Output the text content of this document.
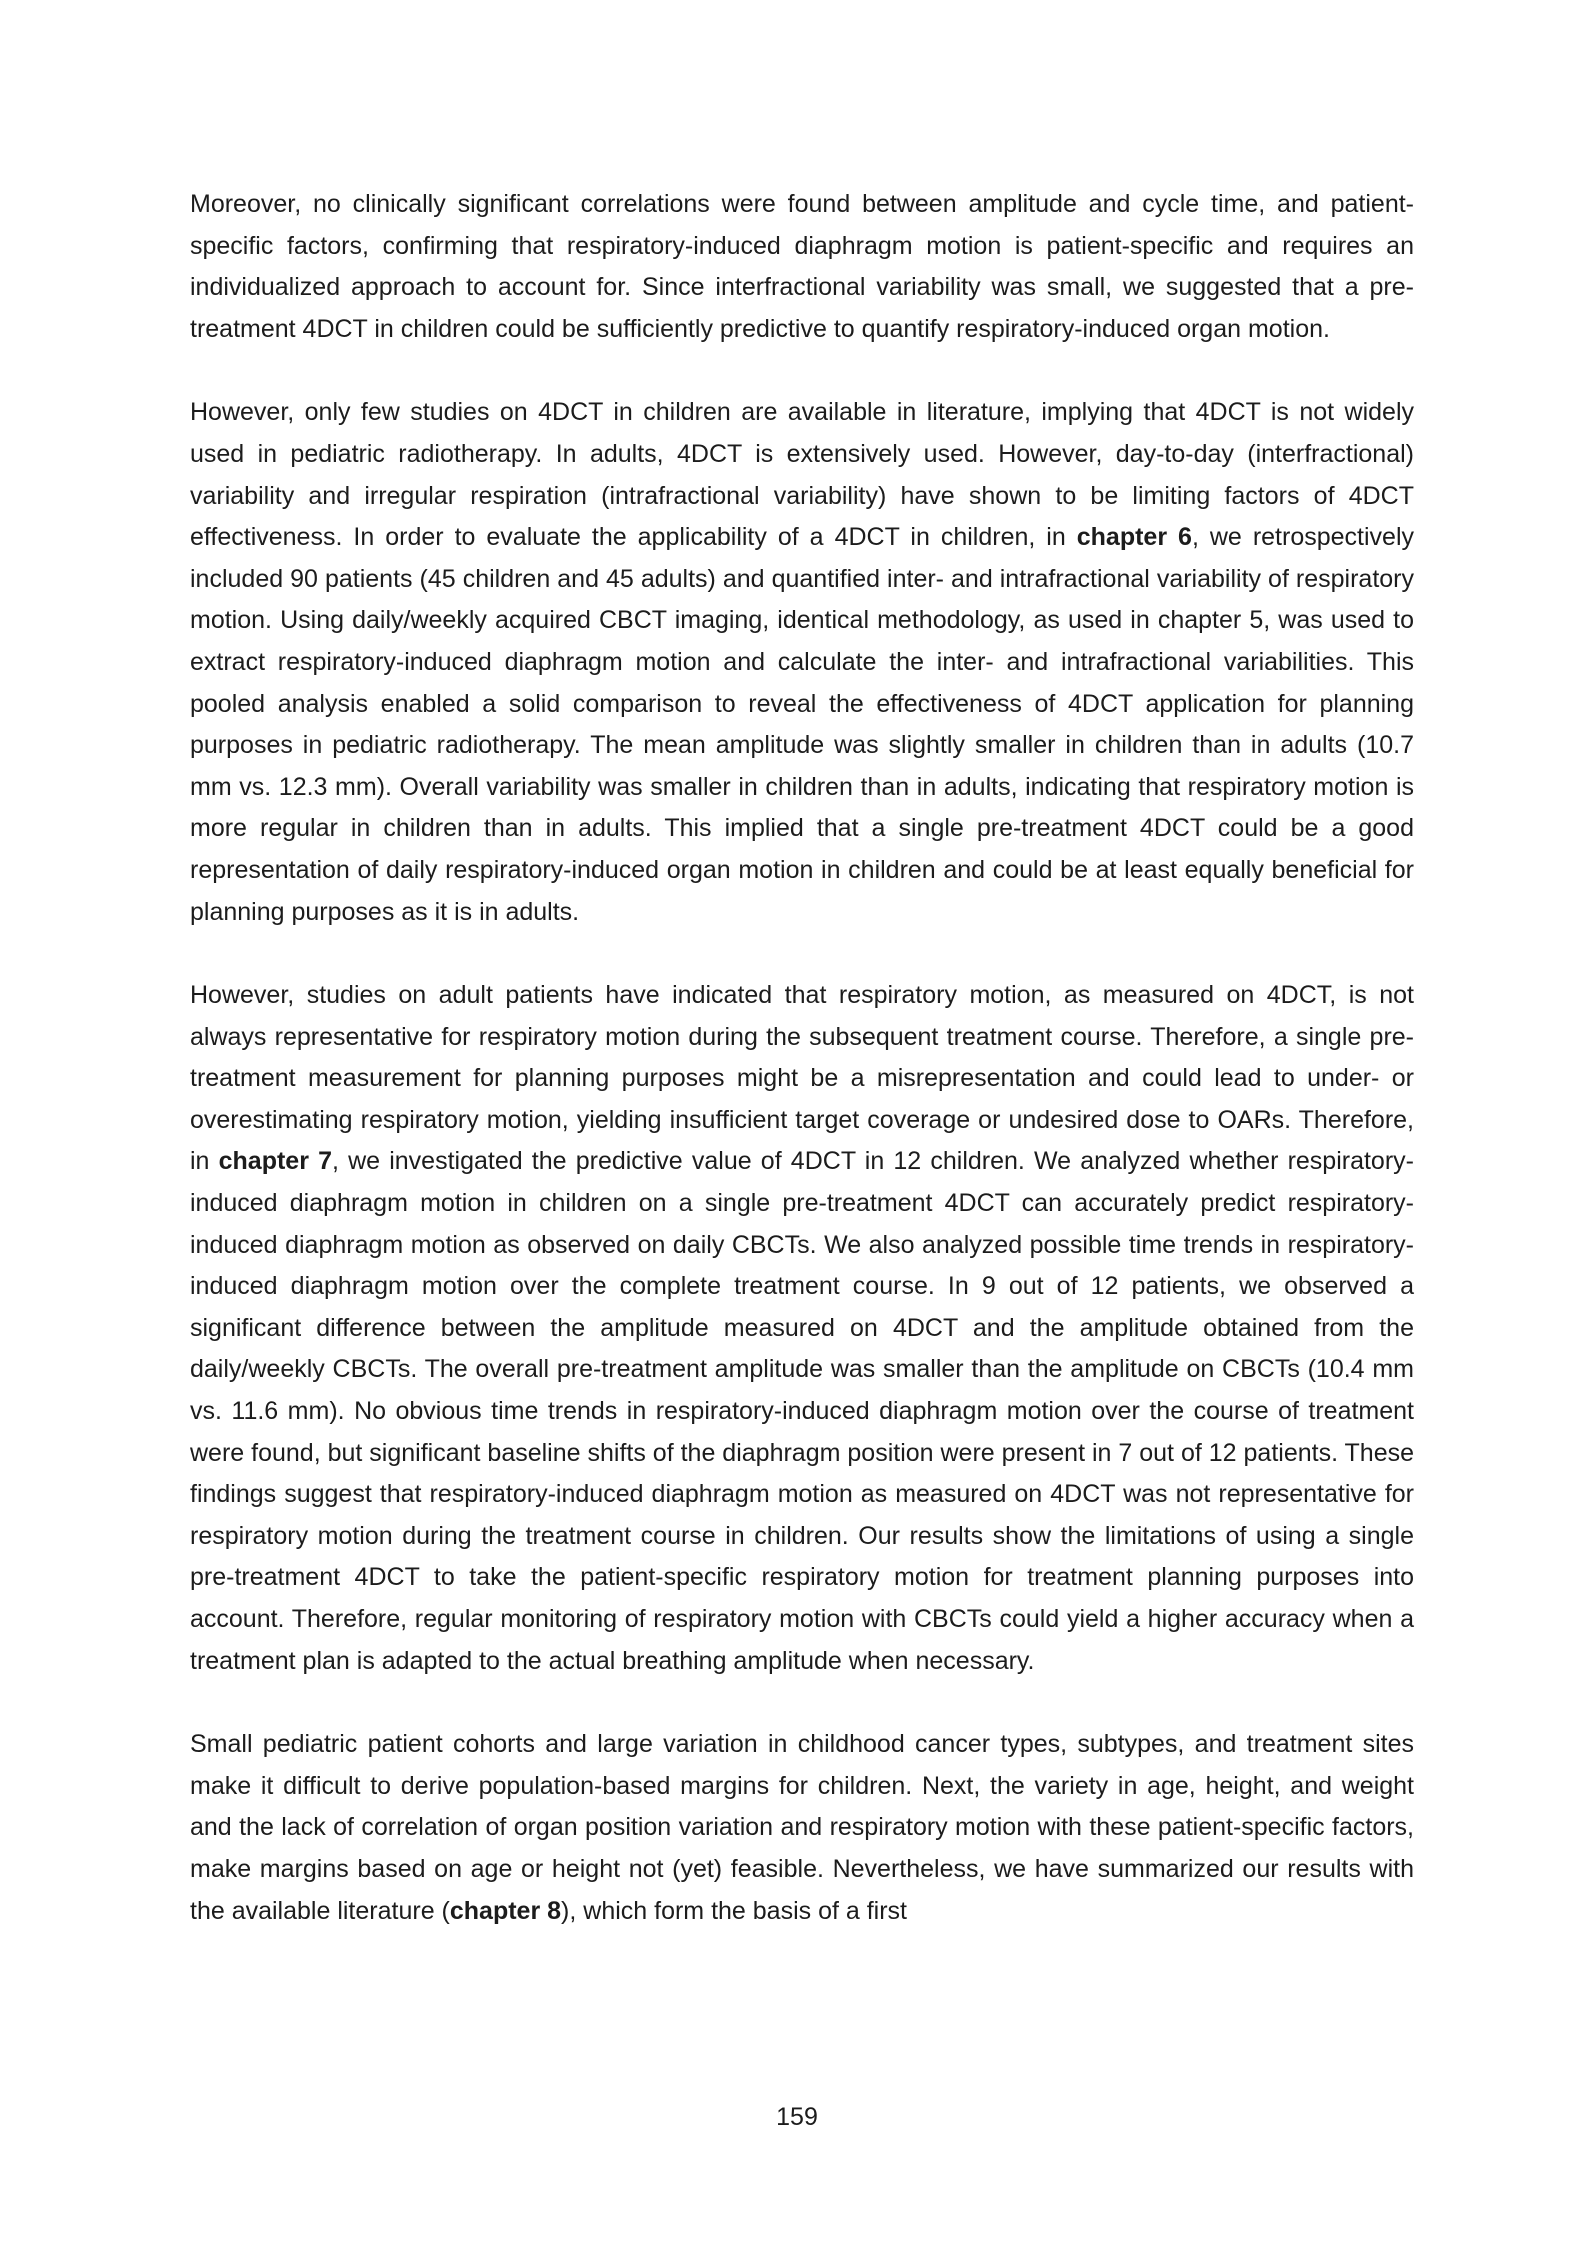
Moreover, no clinically significant correlations were found between amplitude and cycle time, and patient-specific factors, confirming that respiratory-induced diaphragm motion is patient-specific and requires an individualized approach to account for. Since interfractional variability was small, we suggested that a pre-treatment 4DCT in children could be sufficiently predictive to quantify respiratory-induced organ motion.

However, only few studies on 4DCT in children are available in literature, implying that 4DCT is not widely used in pediatric radiotherapy. In adults, 4DCT is extensively used. However, day-to-day (interfractional) variability and irregular respiration (intrafractional variability) have shown to be limiting factors of 4DCT effectiveness. In order to evaluate the applicability of a 4DCT in children, in chapter 6, we retrospectively included 90 patients (45 children and 45 adults) and quantified inter- and intrafractional variability of respiratory motion. Using daily/weekly acquired CBCT imaging, identical methodology, as used in chapter 5, was used to extract respiratory-induced diaphragm motion and calculate the inter- and intrafractional variabilities. This pooled analysis enabled a solid comparison to reveal the effectiveness of 4DCT application for planning purposes in pediatric radiotherapy. The mean amplitude was slightly smaller in children than in adults (10.7 mm vs. 12.3 mm). Overall variability was smaller in children than in adults, indicating that respiratory motion is more regular in children than in adults. This implied that a single pre-treatment 4DCT could be a good representation of daily respiratory-induced organ motion in children and could be at least equally beneficial for planning purposes as it is in adults.

However, studies on adult patients have indicated that respiratory motion, as measured on 4DCT, is not always representative for respiratory motion during the subsequent treatment course. Therefore, a single pre-treatment measurement for planning purposes might be a misrepresentation and could lead to under- or overestimating respiratory motion, yielding insufficient target coverage or undesired dose to OARs. Therefore, in chapter 7, we investigated the predictive value of 4DCT in 12 children. We analyzed whether respiratory-induced diaphragm motion in children on a single pre-treatment 4DCT can accurately predict respiratory-induced diaphragm motion as observed on daily CBCTs. We also analyzed possible time trends in respiratory-induced diaphragm motion over the complete treatment course. In 9 out of 12 patients, we observed a significant difference between the amplitude measured on 4DCT and the amplitude obtained from the daily/weekly CBCTs. The overall pre-treatment amplitude was smaller than the amplitude on CBCTs (10.4 mm vs. 11.6 mm). No obvious time trends in respiratory-induced diaphragm motion over the course of treatment were found, but significant baseline shifts of the diaphragm position were present in 7 out of 12 patients. These findings suggest that respiratory-induced diaphragm motion as measured on 4DCT was not representative for respiratory motion during the treatment course in children. Our results show the limitations of using a single pre-treatment 4DCT to take the patient-specific respiratory motion for treatment planning purposes into account. Therefore, regular monitoring of respiratory motion with CBCTs could yield a higher accuracy when a treatment plan is adapted to the actual breathing amplitude when necessary.

Small pediatric patient cohorts and large variation in childhood cancer types, subtypes, and treatment sites make it difficult to derive population-based margins for children. Next, the variety in age, height, and weight and the lack of correlation of organ position variation and respiratory motion with these patient-specific factors, make margins based on age or height not (yet) feasible. Nevertheless, we have summarized our results with the available literature (chapter 8), which form the basis of a first

159
